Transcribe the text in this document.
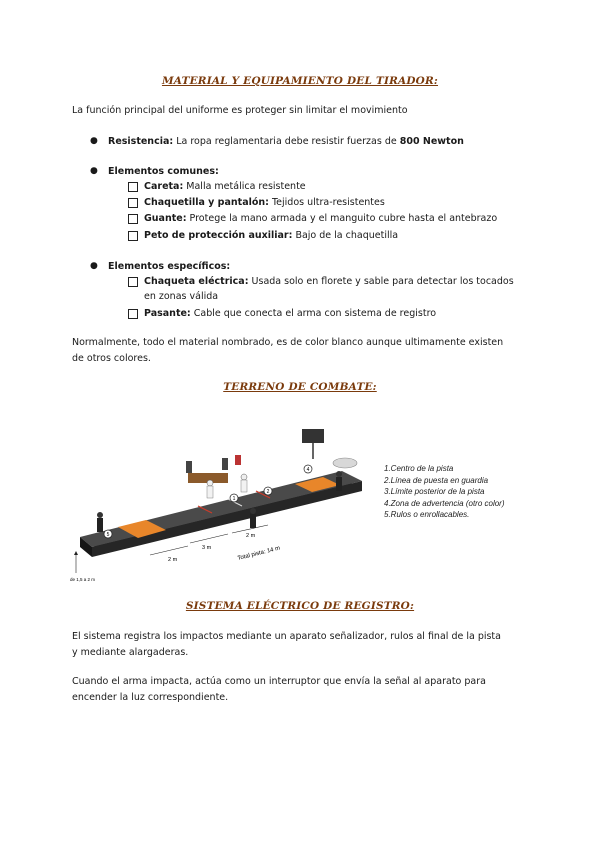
MATERIAL Y EQUIPAMIENTO DEL TIRADOR:
La función principal del uniforme es proteger sin limitar el movimiento
● Resistencia: La ropa reglamentaria debe resistir fuerzas de 800 Newton
● Elementos comunes:
Careta: Malla metálica resistente
Chaquetilla y pantalón: Tejidos ultra-resistentes
Guante: Protege la mano armada y el manguito cubre hasta el antebrazo
Peto de protección auxiliar: Bajo de la chaquetilla
● Elementos específicos:
Chaqueta eléctrica: Usada solo en florete y sable para detectar los tocados
en zonas válida
Pasante: Cable que conecta el arma con sistema de registro
Normalmente, todo el material nombrado, es de color blanco aunque ultimamente existen
de otros colores.
TERRENO DE COMBATE:
5
1
2
4
2 m
3 m
2 m
Total pista: 14 m
de 1,5 a 2 m
1.Centro de la pista
2.Línea de puesta en guardia
3.Límite posterior de la pista
4.Zona de advertencia (otro color)
5.Rulos o enrollacables.
SISTEMA ELÉCTRICO DE REGISTRO:
El sistema registra los impactos mediante un aparato señalizador, rulos al final de la pista
y mediante alargaderas.
Cuando el arma impacta, actúa como un interruptor que envía la señal al aparato para
encender la luz correspondiente.
